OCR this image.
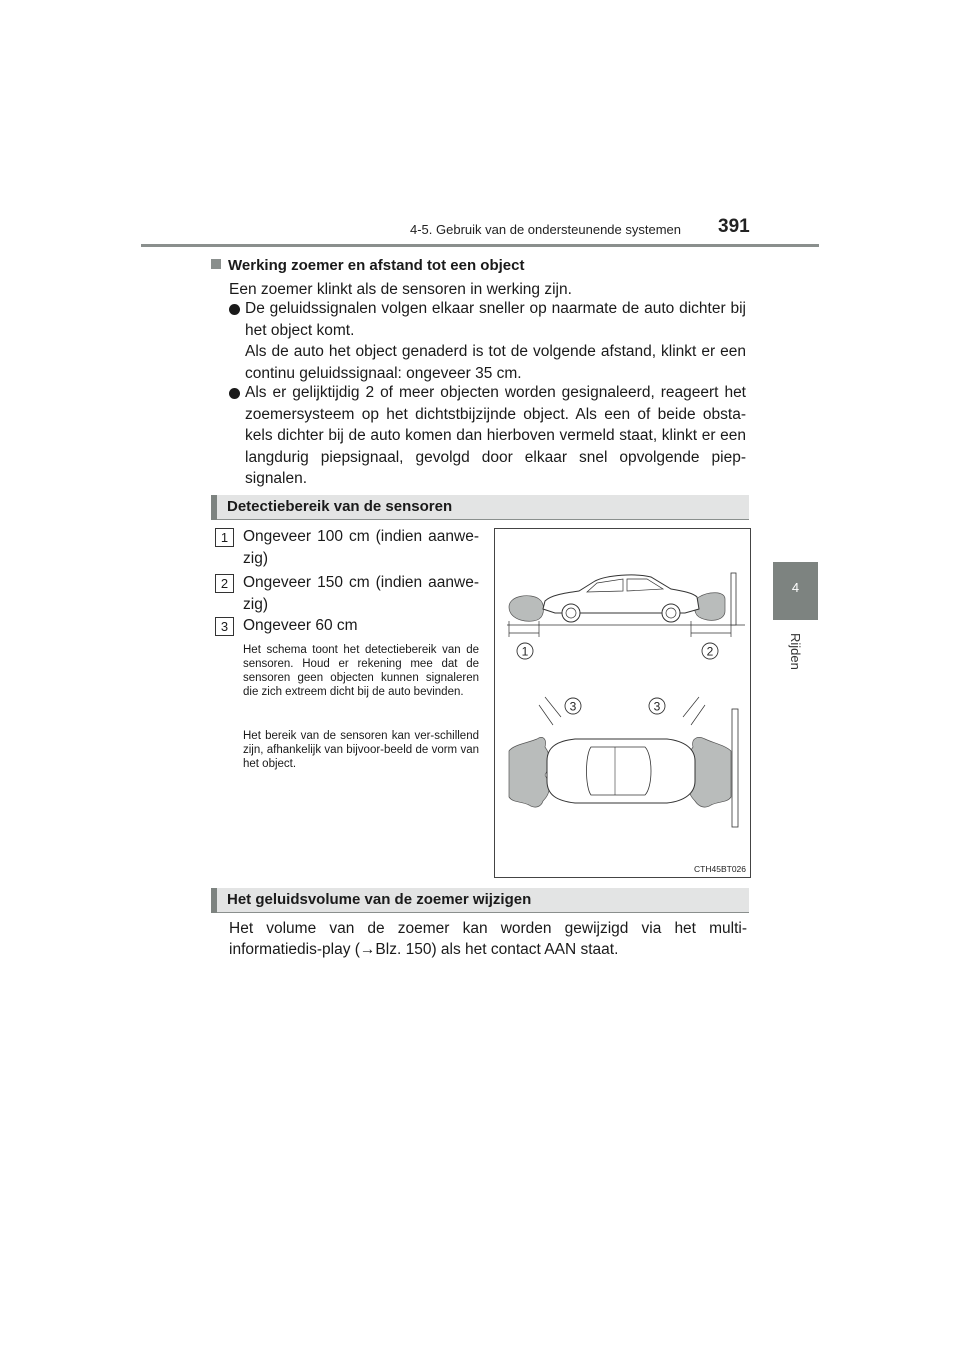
4-5. Gebruik van de ondersteunende systemen 391
4
Rijden
Werking zoemer en afstand tot een object
Een zoemer klinkt als de sensoren in werking zijn.
De geluidssignalen volgen elkaar sneller op naarmate de auto dichter bij het object komt.
Als de auto het object genaderd is tot de volgende afstand, klinkt er een continu geluidssignaal: ongeveer 35 cm.
Als er gelijktijdig 2 of meer objecten worden gesignaleerd, reageert het zoemersysteem op het dichtstbijzijnde object. Als een of beide obsta-kels dichter bij de auto komen dan hierboven vermeld staat, klinkt er een langdurig piepsignaal, gevolgd door elkaar snel opvolgende piep-signalen.
Detectiebereik van de sensoren
1 Ongeveer 100 cm (indien aanwe-zig)
2 Ongeveer 150 cm (indien aanwe-zig)
3 Ongeveer 60 cm
Het schema toont het detectiebereik van de sensoren. Houd er rekening mee dat de sensoren geen objecten kunnen signaleren die zich extreem dicht bij de auto bevinden.
Het bereik van de sensoren kan ver-schillend zijn, afhankelijk van bijvoor-beeld de vorm van het object.
1	2
3	3
CTH45BT026
Het geluidsvolume van de zoemer wijzigen
Het volume van de zoemer kan worden gewijzigd via het multi-informatiedis-play (→Blz. 150) als het contact AAN staat.
